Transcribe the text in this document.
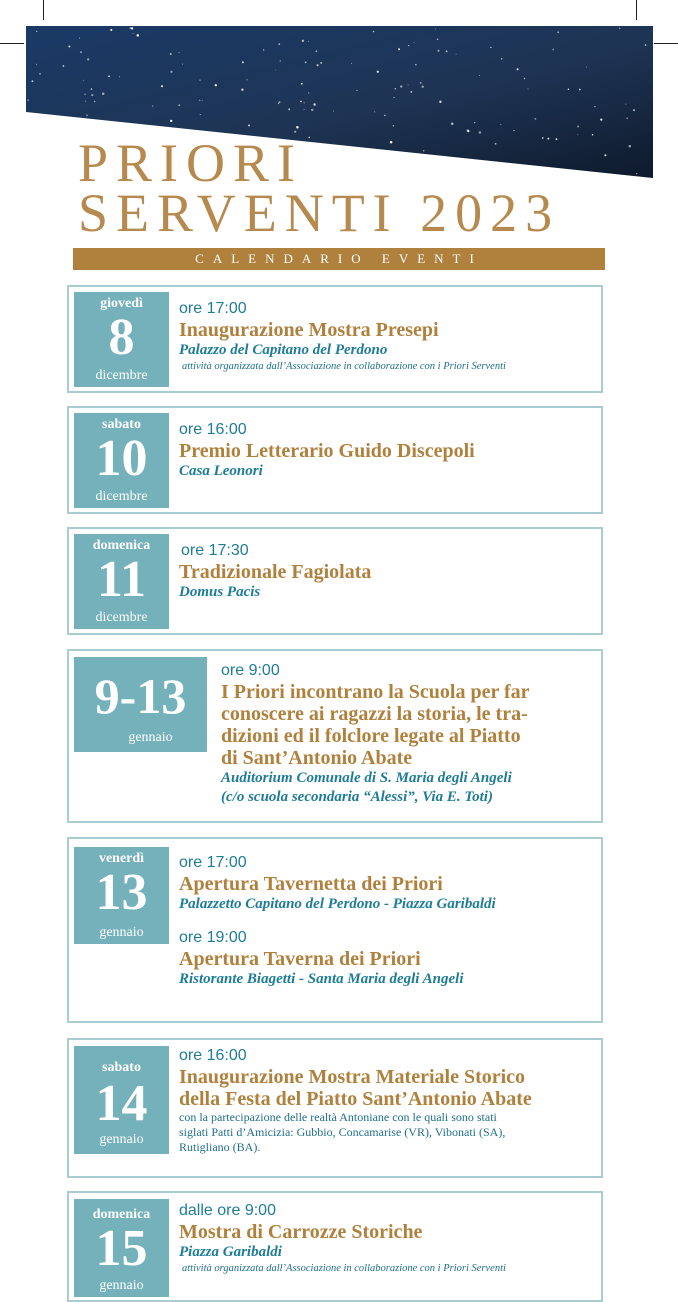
PRIORI
SERVENTI 2023
CALENDARIO EVENTI
giovedì
8
dicembre
ore 17:00
Inaugurazione Mostra Presepi
Palazzo del Capitano del Perdono
attività organizzata dall’Associazione in collaborazione con i Priori Serventi
sabato
10
dicembre
ore 16:00
Premio Letterario Guido Discepoli
Casa Leonori
domenica
11
dicembre
ore 17:30
Tradizionale Fagiolata
Domus Pacis
9-13
gennaio
ore 9:00
I Priori incontrano la Scuola per far
conoscere ai ragazzi la storia, le tra-
dizioni ed il folclore legate al Piatto
di Sant’Antonio Abate
Auditorium Comunale di S. Maria degli Angeli
(c/o scuola secondaria “Alessi”, Via E. Toti)
venerdì
13
gennaio
ore 17:00
Apertura Tavernetta dei Priori
Palazzetto Capitano del Perdono - Piazza Garibaldi
ore 19:00
Apertura Taverna dei Priori
Ristorante Biagetti - Santa Maria degli Angeli
sabato
14
gennaio
ore 16:00
Inaugurazione Mostra Materiale Storico
della Festa del Piatto Sant’Antonio Abate
con la partecipazione delle realtà Antoniane con le quali sono stati
siglati Patti d’Amicizia: Gubbio, Concamarise (VR), Vibonati (SA),
Rutigliano (BA).
domenica
15
gennaio
dalle ore 9:00
Mostra di Carrozze Storiche
Piazza Garibaldi
attività organizzata dall’Associazione in collaborazione con i Priori Serventi
